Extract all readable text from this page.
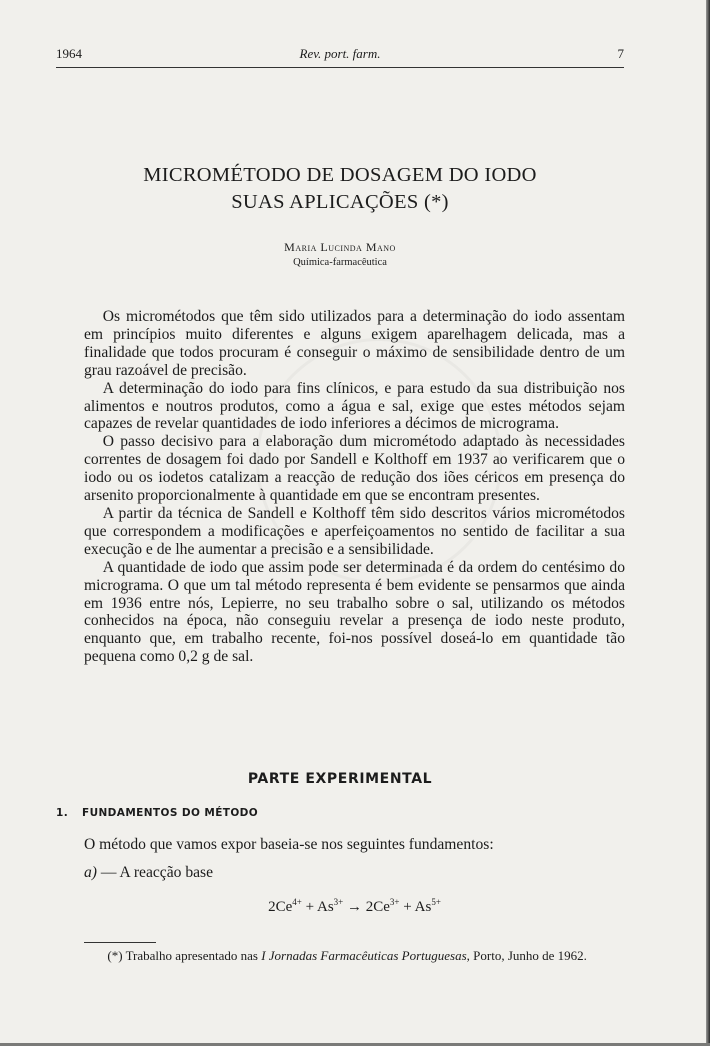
1964	Rev. port. farm.	7
MICROMÉTODO DE DOSAGEM DO IODO
SUAS APLICAÇÕES (*)
Maria Lucinda Mano
Química-farmacêutica

Os micrométodos que têm sido utilizados para a determinação do iodo assentam em princípios muito diferentes e alguns exigem aparelhagem delicada, mas a finalidade que todos procuram é conseguir o máximo de sensibilidade dentro de um grau razoável de precisão.

A determinação do iodo para fins clínicos, e para estudo da sua distribuição nos alimentos e noutros produtos, como a água e sal, exige que estes métodos sejam capazes de revelar quantidades de iodo inferiores a décimos de micrograma.

O passo decisivo para a elaboração dum micrométodo adaptado às necessidades correntes de dosagem foi dado por Sandell e Kolthoff em 1937 ao verificarem que o iodo ou os iodetos catalizam a reacção de redução dos iões céricos em presença do arsenito proporcionalmente à quantidade em que se encontram presentes.

A partir da técnica de Sandell e Kolthoff têm sido descritos vários micrométodos que correspondem a modificações e aperfeiçoamentos no sentido de facilitar a sua execução e de lhe aumentar a precisão e a sensibilidade.

A quantidade de iodo que assim pode ser determinada é da ordem do centésimo do micrograma. O que um tal método representa é bem evidente se pensarmos que ainda em 1936 entre nós, Lepierre, no seu trabalho sobre o sal, utilizando os métodos conhecidos na época, não conseguiu revelar a presença de iodo neste produto, enquanto que, em trabalho recente, foi-nos possível doseá-lo em quantidade tão pequena como 0,2 g de sal.

PARTE EXPERIMENTAL
1. FUNDAMENTOS DO MÉTODO
O método que vamos expor baseia-se nos seguintes fundamentos:
a) — A reacção base
$2Ce^{4+} + As^{3+} \to 2Ce^{3+} + As^{5+}$
(*) Trabalho apresentado nas I Jornadas Farmacêuticas Portuguesas, Porto, Junho de 1962.
